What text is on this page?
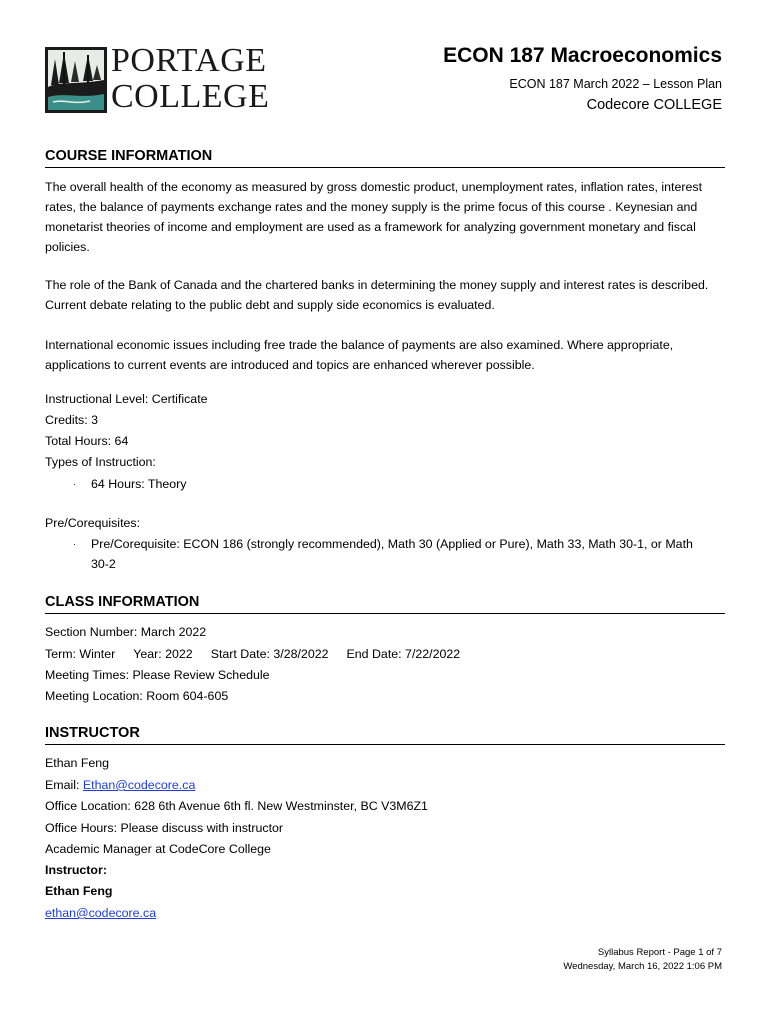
PORTAGE
COLLEGE
ECON 187 Macroeconomics
ECON 187 March 2022 – Lesson Plan
Codecore COLLEGE
COURSE INFORMATION

The overall health of the economy as measured by gross domestic product, unemployment rates, inflation rates, interest rates, the balance of payments exchange rates and the money supply is the prime focus of this course . Keynesian and monetarist theories of income and employment are used as a framework for analyzing government monetary and fiscal policies.

The role of the Bank of Canada and the chartered banks in determining the money supply and interest rates is described. Current debate relating to the public debt and supply side economics is evaluated.

International economic issues including free trade the balance of payments are also examined. Where appropriate, applications to current events are introduced and topics are enhanced wherever possible.

Instructional Level: Certificate
Credits: 3
Total Hours: 64
Types of Instruction:
·	64 Hours: Theory
Pre/Corequisites:
·	Pre/Corequisite: ECON 186 (strongly recommended), Math 30 (Applied or Pure), Math 33, Math 30-1, or Math 30-2
CLASS INFORMATION
Section Number: March 2022
Term: Winter Year: 2022 Start Date: 3/28/2022 End Date: 7/22/2022
Meeting Times: Please Review Schedule
Meeting Location: Room 604-605
INSTRUCTOR
Ethan Feng
Email: Ethan@codecore.ca
Office Location: 628 6th Avenue 6th fl. New Westminster, BC V3M6Z1
Office Hours: Please discuss with instructor
Academic Manager at CodeCore College
Instructor:
Ethan Feng
ethan@codecore.ca
Syllabus Report - Page 1 of 7
Wednesday, March 16, 2022 1:06 PM
